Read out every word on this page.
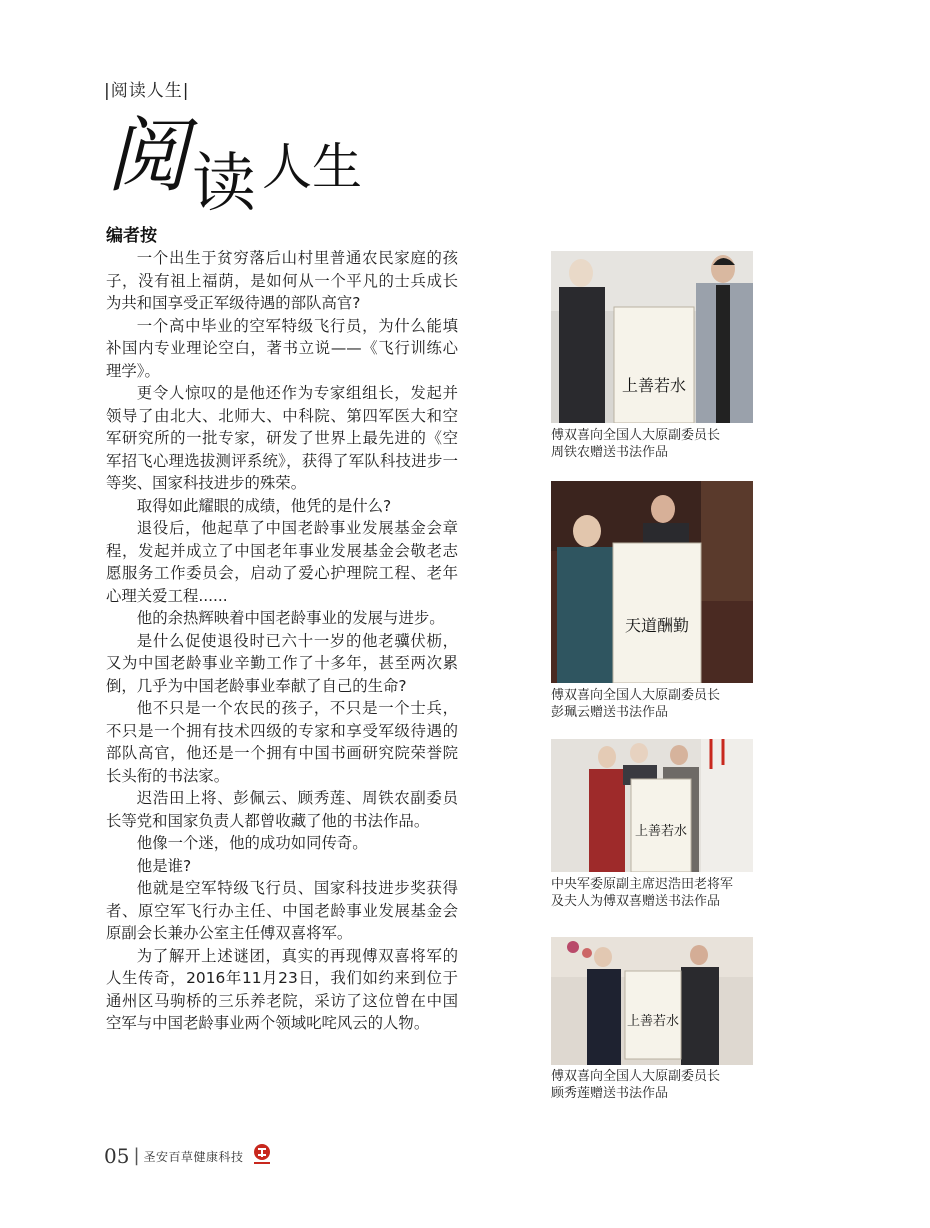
|阅读人生|
阅 读 人生
编者按

一个出生于贫穷落后山村里普通农民家庭的孩子，没有祖上福荫，是如何从一个平凡的士兵成长为共和国享受正军级待遇的部队高官?

一个高中毕业的空军特级飞行员，为什么能填补国内专业理论空白，著书立说——《飞行训练心理学》。

更令人惊叹的是他还作为专家组组长，发起并领导了由北大、北师大、中科院、第四军医大和空军研究所的一批专家，研发了世界上最先进的《空军招飞心理选拔测评系统》，获得了军队科技进步一等奖、国家科技进步的殊荣。

取得如此耀眼的成绩，他凭的是什么?

退役后，他起草了中国老龄事业发展基金会章程，发起并成立了中国老年事业发展基金会敬老志愿服务工作委员会，启动了爱心护理院工程、老年心理关爱工程......

他的余热辉映着中国老龄事业的发展与进步。

是什么促使退役时已六十一岁的他老骥伏枥，又为中国老龄事业辛勤工作了十多年，甚至两次累倒，几乎为中国老龄事业奉献了自己的生命?

他不只是一个农民的孩子，不只是一个士兵，不只是一个拥有技术四级的专家和享受军级待遇的部队高官，他还是一个拥有中国书画研究院荣誉院长头衔的书法家。

迟浩田上将、彭佩云、顾秀莲、周铁农副委员长等党和国家负责人都曾收藏了他的书法作品。

他像一个迷，他的成功如同传奇。

他是谁?

他就是空军特级飞行员、国家科技进步奖获得者、原空军飞行办主任、中国老龄事业发展基金会原副会长兼办公室主任傅双喜将军。

为了解开上述谜团，真实的再现傅双喜将军的人生传奇，2016年11月23日，我们如约来到位于通州区马驹桥的三乐养老院，采访了这位曾在中国空军与中国老龄事业两个领域叱咤风云的人物。

上善若水
傅双喜向全国人大原副委员长
周铁农赠送书法作品
天道酬勤
傅双喜向全国人大原副委员长
彭珮云赠送书法作品
上善若水
中央军委原副主席迟浩田老将军
及夫人为傅双喜赠送书法作品
上善若水
傅双喜向全国人大原副委员长
顾秀莲赠送书法作品
05 | 圣安百草健康科技
